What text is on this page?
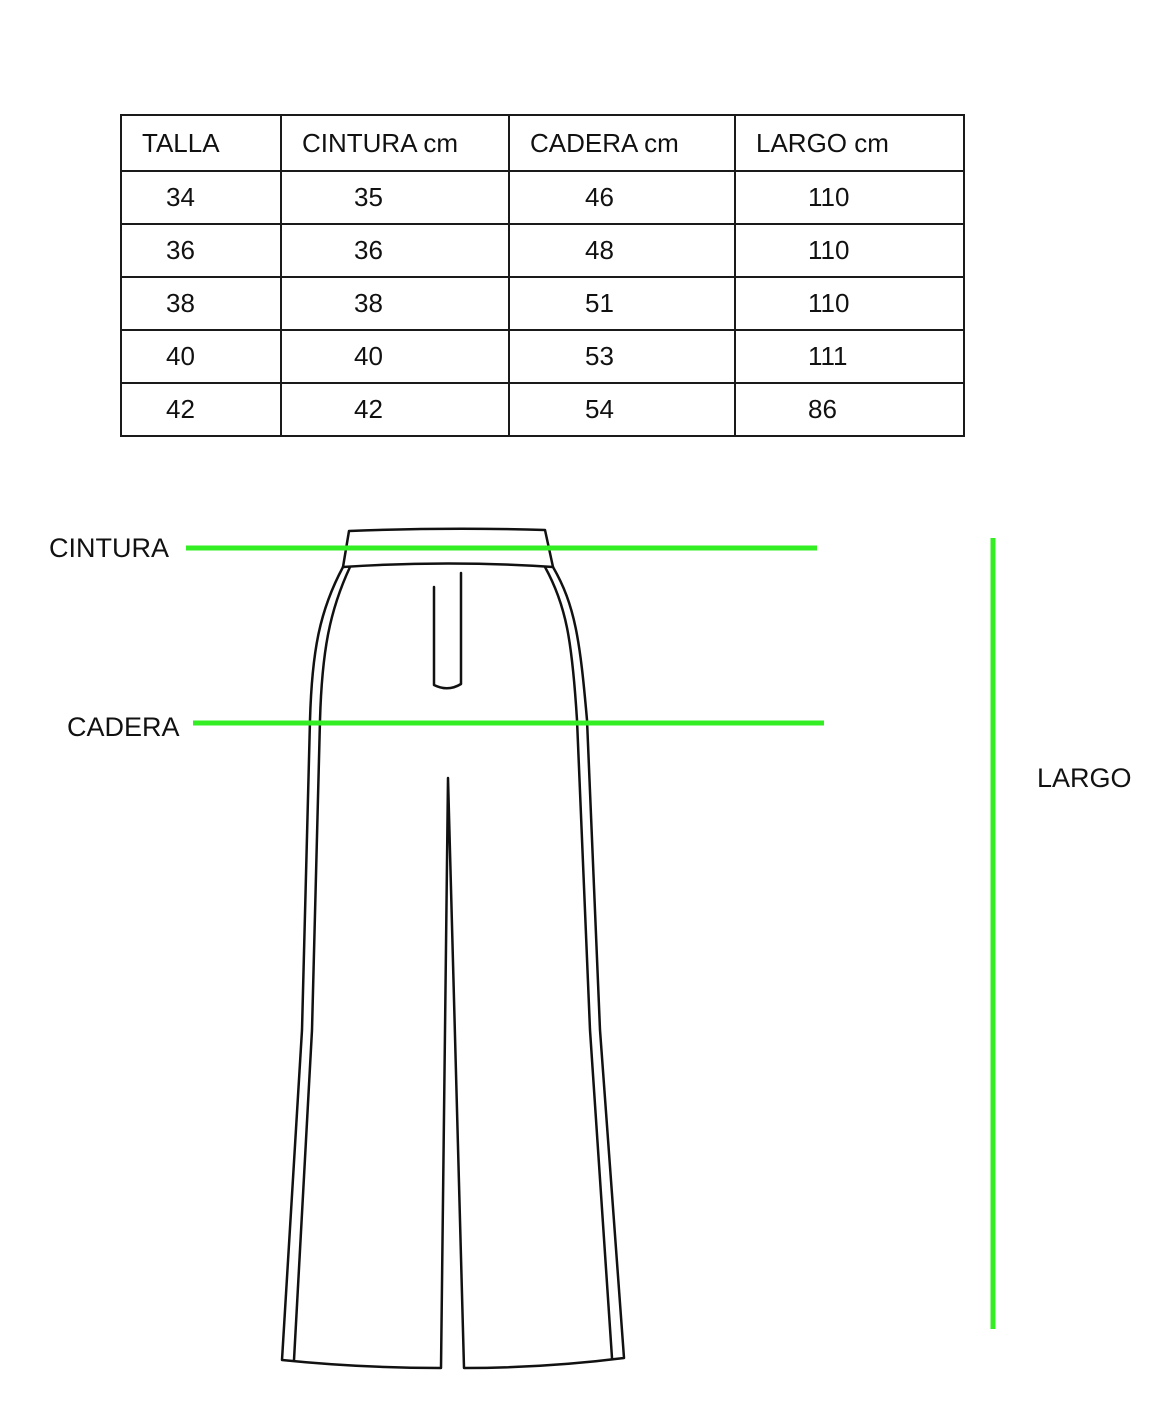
TALLA	CINTURA cm	CADERA cm	LARGO cm
34	35	46	110
36	36	48	110
38	38	51	110
40	40	53	111
42	42	54	86
CINTURA
CADERA
LARGO
